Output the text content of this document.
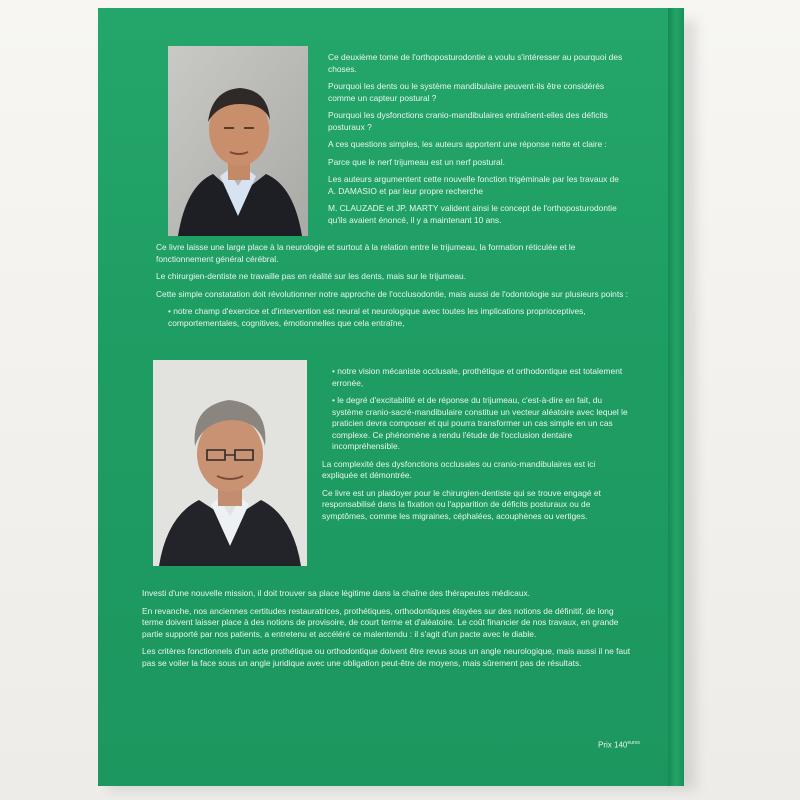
Ce deuxième tome de l'orthoposturodontie a voulu s'intéresser au pourquoi des choses.

Pourquoi les dents ou le système mandibulaire peuvent-ils être considérés comme un capteur postural ?

Pourquoi les dysfonctions cranio-mandibulaires entraînent-elles des déficits posturaux ?

A ces questions simples, les auteurs apportent une réponse nette et claire :

Parce que le nerf trijumeau est un nerf postural.

Les auteurs argumentent cette nouvelle fonction trigéminale par les travaux de A. DAMASIO et par leur propre recherche

M. CLAUZADE et JP. MARTY valident ainsi le concept de l'orthoposturodontie qu'ils avaient énoncé, il y a maintenant 10 ans.

Ce livre laisse une large place à la neurologie et surtout à la relation entre le trijumeau, la formation réticulée et le fonctionnement général cérébral.

Le chirurgien-dentiste ne travaille pas en réalité sur les dents, mais sur le trijumeau.

Cette simple constatation doit révolutionner notre approche de l'occlusodontie, mais aussi de l'odontologie sur plusieurs points :

• notre champ d'exercice et d'intervention est neural et neurologique avec toutes les implications proprioceptives, comportementales, cognitives, émotionnelles que cela entraîne,

• notre vision mécaniste occlusale, prothétique et orthodontique est totalement erronée,

• le degré d'excitabilité et de réponse du trijumeau, c'est-à-dire en fait, du système cranio-sacré-mandibulaire constitue un vecteur aléatoire avec lequel le praticien devra composer et qui pourra transformer un cas simple en un cas complexe. Ce phénomène a rendu l'étude de l'occlusion dentaire incompréhensible.

La complexité des dysfonctions occlusales ou cranio-mandibulaires est ici expliquée et démontrée.

Ce livre est un plaidoyer pour le chirurgien-dentiste qui se trouve engagé et responsabilisé dans la fixation ou l'apparition de déficits posturaux ou de symptômes, comme les migraines, céphalées, acouphènes ou vertiges.

Investi d'une nouvelle mission, il doit trouver sa place légitime dans la chaîne des thérapeutes médicaux.

En revanche, nos anciennes certitudes restauratrices, prothétiques, orthodontiques étayées sur des notions de définitif, de long terme doivent laisser place à des notions de provisoire, de court terme et d'aléatoire. Le coût financier de nos travaux, en grande partie supporté par nos patients, a entretenu et accéléré ce malentendu : il s'agit d'un pacte avec le diable.

Les critères fonctionnels d'un acte prothétique ou orthodontique doivent être revus sous un angle neurologique, mais aussi il ne faut pas se voiler la face sous un angle juridique avec une obligation peut-être de moyens, mais sûrement pas de résultats.

Prix $140^{euros}$
